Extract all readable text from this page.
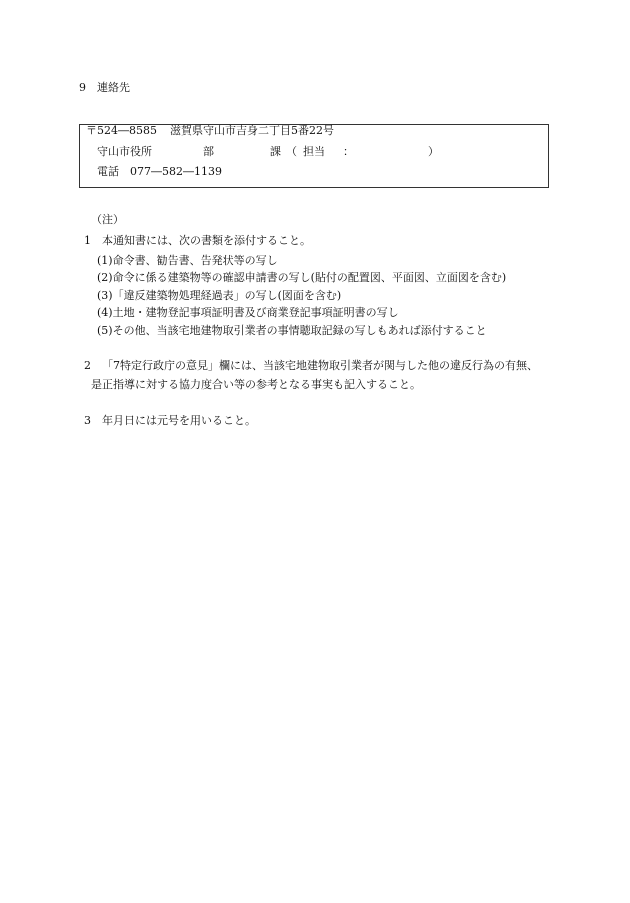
9　連絡先
〒524―8585 滋賀県守山市吉身二丁目5番22号
守山市役所	部	課 （ 担当 ：	）
電話　077―582―1139
（注）
1 本通知書には、次の書類を添付すること。
(1)命令書、勧告書、告発状等の写し
(2)命令に係る建築物等の確認申請書の写し(貼付の配置図、平面図、立面図を含む)
(3)「違反建築物処理経過表」の写し(図面を含む)
(4)土地・建物登記事項証明書及び商業登記事項証明書の写し
(5)その他、当該宅地建物取引業者の事情聴取記録の写しもあれば添付すること
2 「7特定行政庁の意見」欄には、当該宅地建物取引業者が関与した他の違反行為の有無、
是正指導に対する協力度合い等の参考となる事実も記入すること。
3 年月日には元号を用いること。
